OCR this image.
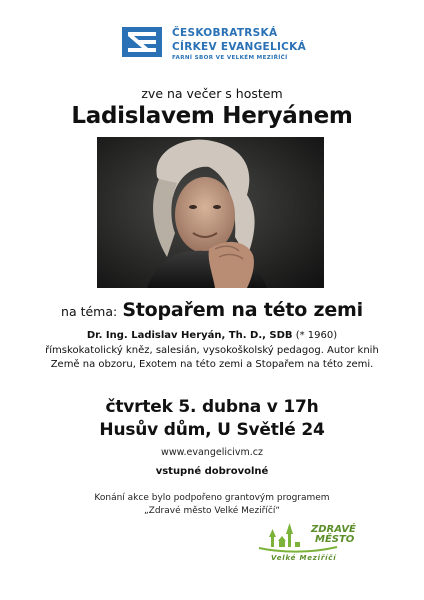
ČESKOBRATRSKÁ
CÍRKEV EVANGELICKÁ
FARNÍ SBOR VE VELKÉM MEZIŘÍČÍ
zve na večer s hostem
Ladislavem Heryánem
na téma: Stopařem na této zemi
Dr. Ing. Ladislav Heryán, Th. D., SDB (* 1960)
římskokatolický kněz, salesián, vysokoškolský pedagog. Autor knih
Země na obzoru, Exotem na této zemi a Stopařem na této zemi.
čtvrtek 5. dubna v 17h
Husův dům, U Světlé 24
www.evangelicivm.cz
vstupné dobrovolné
Konání akce bylo podpořeno grantovým programem
„Zdravé město Velké Meziříčí“
ZDRAVÉ
MĚSTO
Velké Meziříčí
